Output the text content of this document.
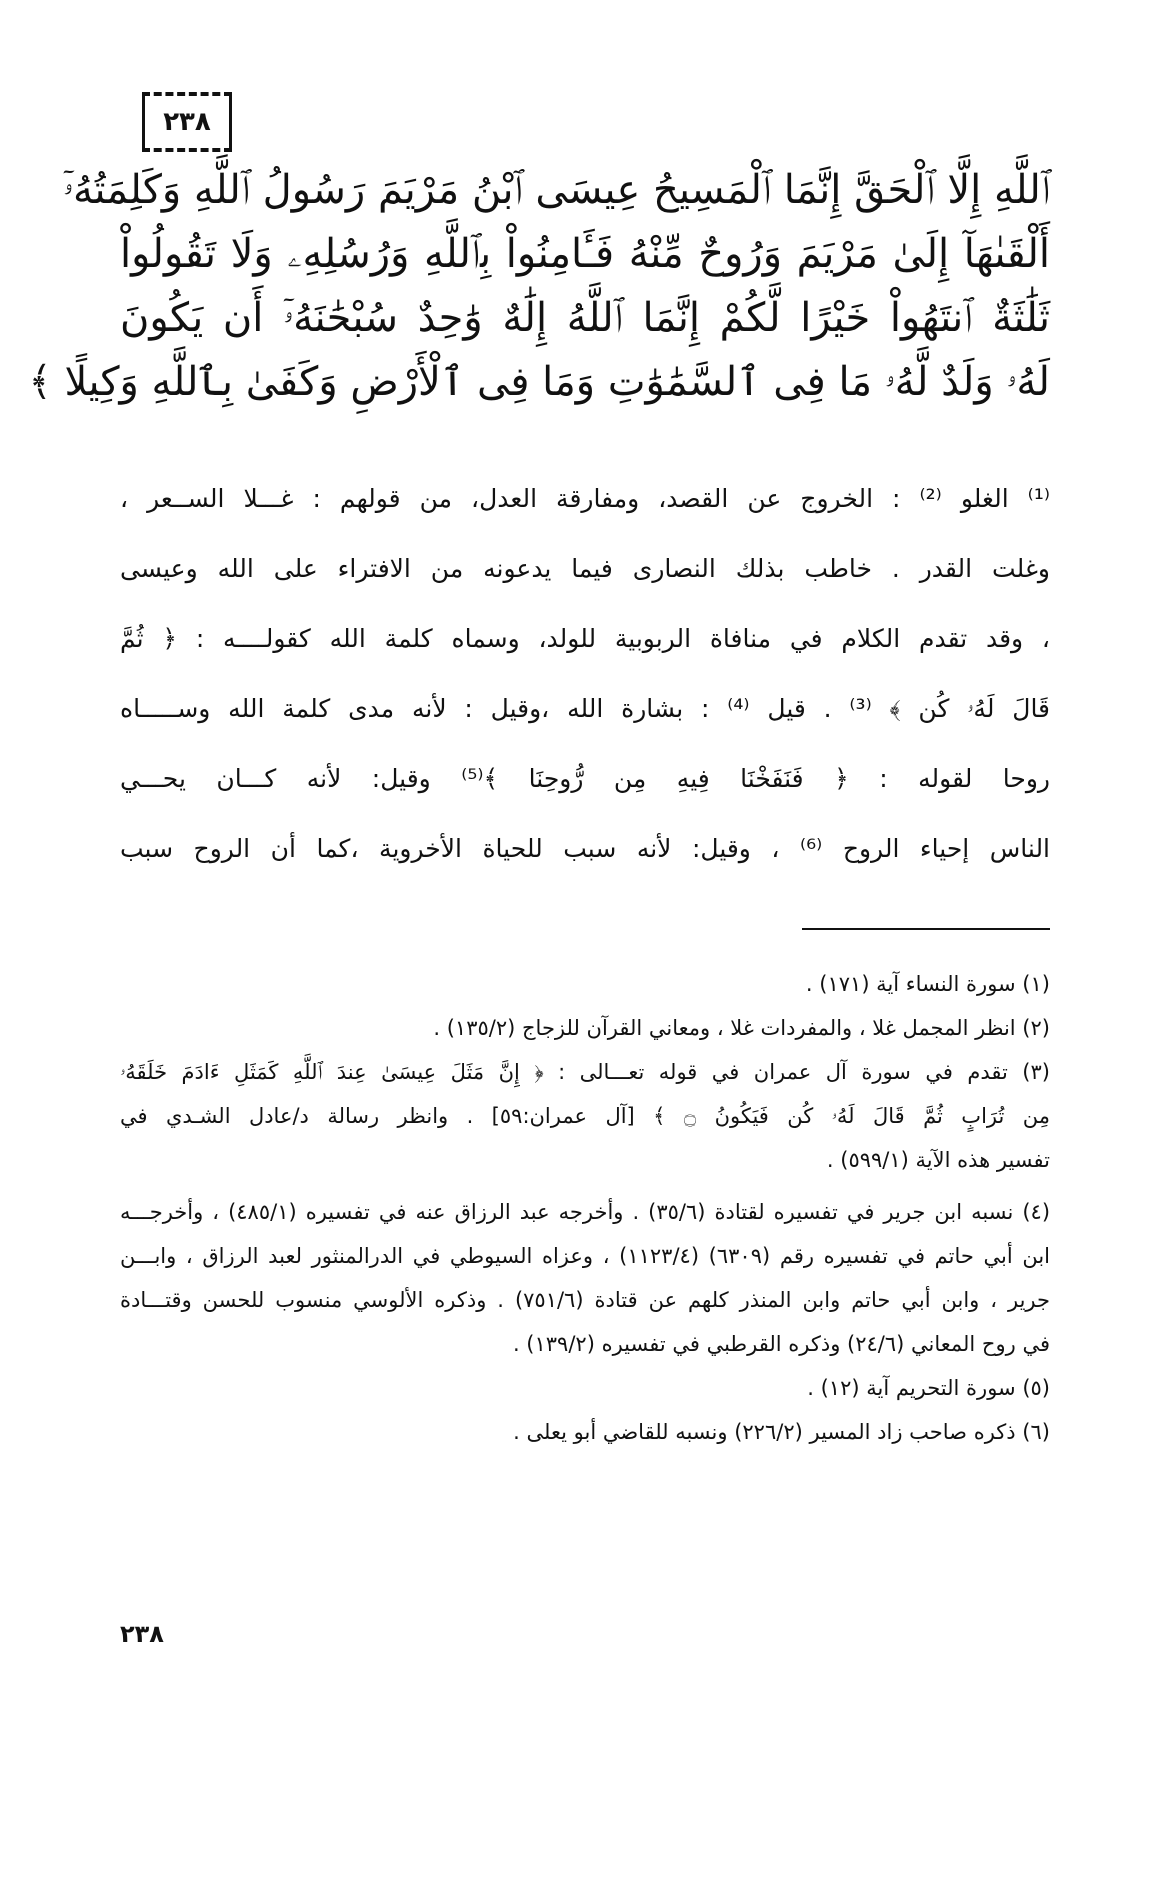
٢٣٨
ٱللَّهِ إِلَّا ٱلْحَقَّ إِنَّمَا ٱلْمَسِيحُ عِيسَى ٱبْنُ مَرْيَمَ رَسُولُ ٱللَّهِ وَكَلِمَتُهُۥٓ
أَلْقَىٰهَآ إِلَىٰ مَرْيَمَ وَرُوحٌ مِّنْهُ فَـَٔامِنُواْ بِٱللَّهِ وَرُسُلِهِۦ وَلَا تَقُولُواْ
ثَلَٰثَةٌ ٱنتَهُواْ خَيْرًا لَّكُمْ إِنَّمَا ٱللَّهُ إِلَٰهٌ وَٰحِدٌ سُبْحَٰنَهُۥٓ أَن يَكُونَ
لَهُۥ وَلَدٌ لَّهُۥ مَا فِى ٱلسَّمَٰوَٰتِ وَمَا فِى ٱلْأَرْضِ وَكَفَىٰ بِٱللَّهِ وَكِيلًا ﴾
⁽¹⁾ الغلو ⁽²⁾ : الخروج عن القصد، ومفارقة العدل، من قولهم : غـــلا الســعر ،
وغلت القدر . خاطب بذلك النصارى فيما يدعونه من الافتراء على الله وعيسى
، وقد تقدم الكلام في منافاة الربوبية للولد، وسماه كلمة الله كقولــــه : ﴿ ثُمَّ
قَالَ لَهُۥ كُن ﴾ ⁽³⁾ . قيل ⁽⁴⁾ : بشارة الله ،وقيل : لأنه مدى كلمة الله وســـــاه
روحا لقوله : ﴿ فَنَفَخْنَا فِيهِ مِن رُّوحِنَا ﴾⁽⁵⁾ وقيل: لأنه كـــان يحـــي
الناس إحياء الروح ⁽⁶⁾ ، وقيل: لأنه سبب للحياة الأخروية ،كما أن الروح سبب
(١) سورة النساء آية (١٧١) .
(٢) انظر المجمل غلا ، والمفردات غلا ، ومعاني القرآن للزجاج (١٣٥/٢) .
(٣) تقدم في سورة آل عمران في قوله تعـــالى : ﴿ إِنَّ مَثَلَ عِيسَىٰ عِندَ ٱللَّهِ كَمَثَلِ ءَادَمَ خَلَقَهُۥ
مِن تُرَابٍ ثُمَّ قَالَ لَهُۥ كُن فَيَكُونُ ۝ ﴾ [آل عمران:٥٩] . وانظر رسالة د/عادل الشـدي في
تفسير هذه الآية (٥٩٩/١) .
(٤) نسبه ابن جرير في تفسيره لقتادة (٣٥/٦) . وأخرجه عبد الرزاق عنه في تفسيره (٤٨٥/١) ، وأخرجـــه
ابن أبي حاتم في تفسيره رقم (٦٣٠٩) (١١٢٣/٤) ، وعزاه السيوطي في الدرالمنثور لعبد الرزاق ، وابـــن
جرير ، وابن أبي حاتم وابن المنذر كلهم عن قتادة (٧٥١/٦) . وذكره الألوسي منسوب للحسن وقتـــادة
في روح المعاني (٢٤/٦) وذكره القرطبي في تفسيره (١٣٩/٢) .
(٥) سورة التحريم آية (١٢) .
(٦) ذكره صاحب زاد المسير (٢٢٦/٢) ونسبه للقاضي أبو يعلى .
٢٣٨
